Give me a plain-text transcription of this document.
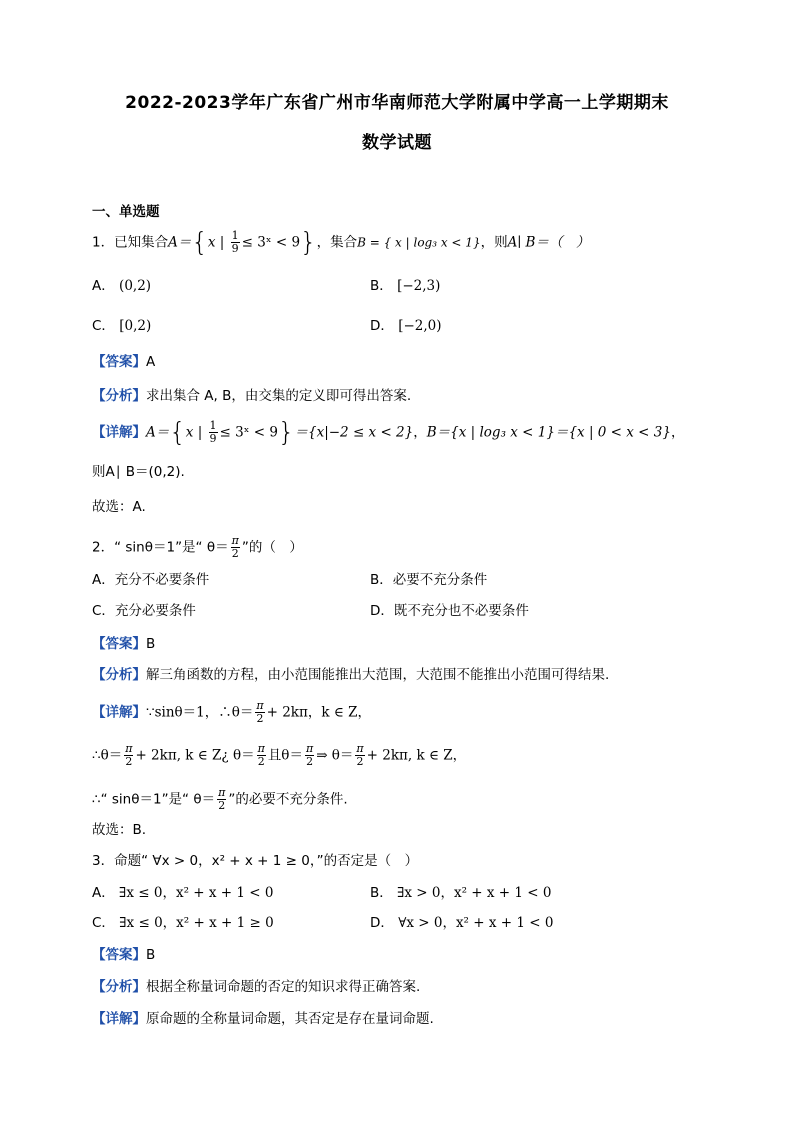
2022-2023学年广东省广州市华南师范大学附属中学高一上学期期末
数学试题
一、单选题
1．已知集合A＝{x | $\frac{1}{9}$ ≤ 3ˣ < 9}，集合B = { x | log₃ x < 1}，则A∣ B＝（　）
A． (0,2)	B． [−2,3)
C． [0,2)	D． [−2,0)
【答案】A
【分析】求出集合 A, B，由交集的定义即可得出答案.
【详解】A＝{x | $\frac{1}{9}$ ≤ 3ˣ < 9}＝{x|−2 ≤ x < 2}，B＝{x | log₃ x < 1}＝{x | 0 < x < 3}，
则A∣ B＝(0,2).
故选：A.
2．“ sinθ＝1”是“ $\theta= \frac{\pi}{2}$ ”的（　）
A．充分不必要条件	B．必要不充分条件
C．充分必要条件	D．既不充分也不必要条件
【答案】B
【分析】解三角函数的方程，由小范围能推出大范围，大范围不能推出小范围可得结果.
【详解】∵sinθ＝1，∴θ＝ $\frac{\pi}{2} + 2k\pi$，k ∈ Z，
∴θ＝ $\frac{\pi}{2} + 2k\pi$, k ∈ Z¿ $\theta= \frac{\pi}{2}$ 且$\theta= \frac{\pi}{2}$ ⇒ $\theta= \frac{\pi}{2} + 2k\pi$, k ∈ Z，
∴“ sinθ＝1”是“ $\theta= \frac{\pi}{2}$ ”的必要不充分条件.
故选：B.
3．命题“ ∀x > 0，x² + x + 1 ≥ 0，”的否定是（　）
A． ∃x ≤ 0，x² + x + 1 < 0	B． ∃x > 0，x² + x + 1 < 0
C． ∃x ≤ 0，x² + x + 1 ≥ 0	D． ∀x > 0，x² + x + 1 < 0
【答案】B
【分析】根据全称量词命题的否定的知识求得正确答案.
【详解】原命题的全称量词命题，其否定是存在量词命题.
